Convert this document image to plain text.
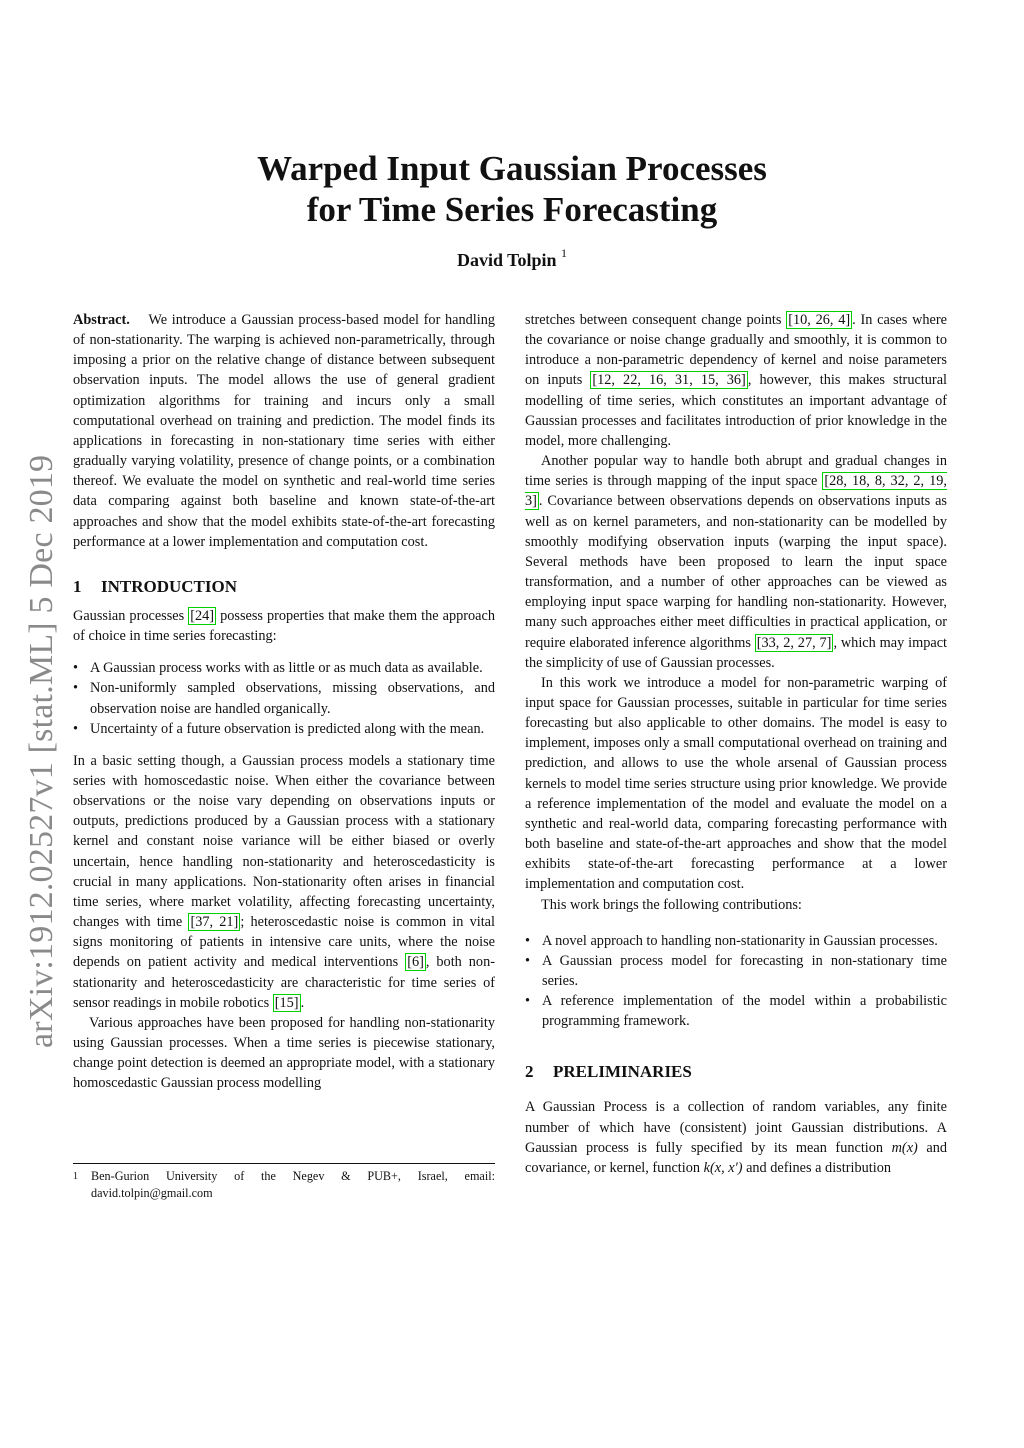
Warped Input Gaussian Processes
for Time Series Forecasting
David Tolpin $^1$
arXiv:1912.02527v1 [stat.ML] 5 Dec 2019

Abstract. We introduce a Gaussian process-based model for handling of non-stationarity. The warping is achieved non-parametrically, through imposing a prior on the relative change of distance between subsequent observation inputs. The model allows the use of general gradient optimization algorithms for training and incurs only a small computational overhead on training and prediction. The model finds its applications in forecasting in non-stationary time series with either gradually varying volatility, presence of change points, or a combination thereof. We evaluate the model on synthetic and real-world time series data comparing against both baseline and known state-of-the-art approaches and show that the model exhibits state-of-the-art forecasting performance at a lower implementation and computation cost.

1 INTRODUCTION

Gaussian processes [24] possess properties that make them the approach of choice in time series forecasting:

• A Gaussian process works with as little or as much data as available.
• Non-uniformly sampled observations, missing observations, and observation noise are handled organically.
• Uncertainty of a future observation is predicted along with the mean.

In a basic setting though, a Gaussian process models a stationary time series with homoscedastic noise. When either the covariance between observations or the noise vary depending on observations inputs or outputs, predictions produced by a Gaussian process with a stationary kernel and constant noise variance will be either biased or overly uncertain, hence handling non-stationarity and heteroscedasticity is crucial in many applications. Non-stationarity often arises in financial time series, where market volatility, affecting forecasting uncertainty, changes with time [37, 21] ; heteroscedastic noise is common in vital signs monitoring of patients in intensive care units, where the noise depends on patient activity and medical interventions [6] , both non-stationarity and heteroscedasticity are characteristic for time series of sensor readings in mobile robotics [15] .

Various approaches have been proposed for handling non-stationarity using Gaussian processes. When a time series is piecewise stationary, change point detection is deemed an appropriate model, with a stationary homoscedastic Gaussian process modelling

1	Ben-Gurion University of the Negev & PUB+, Israel, email: david.tolpin@gmail.com

stretches between consequent change points [10, 26, 4] . In cases where the covariance or noise change gradually and smoothly, it is common to introduce a non-parametric dependency of kernel and noise parameters on inputs [12, 22, 16, 31, 15, 36] , however, this makes structural modelling of time series, which constitutes an important advantage of Gaussian processes and facilitates introduction of prior knowledge in the model, more challenging.

Another popular way to handle both abrupt and gradual changes in time series is through mapping of the input space [28, 18, 8, 32, 2, 19, 3] . Covariance between observations depends on observations inputs as well as on kernel parameters, and non-stationarity can be modelled by smoothly modifying observation inputs (warping the input space). Several methods have been proposed to learn the input space transformation, and a number of other approaches can be viewed as employing input space warping for handling non-stationarity. However, many such approaches either meet difficulties in practical application, or require elaborated inference algorithms [33, 2, 27, 7] , which may impact the simplicity of use of Gaussian processes.

In this work we introduce a model for non-parametric warping of input space for Gaussian processes, suitable in particular for time series forecasting but also applicable to other domains. The model is easy to implement, imposes only a small computational overhead on training and prediction, and allows to use the whole arsenal of Gaussian process kernels to model time series structure using prior knowledge. We provide a reference implementation of the model and evaluate the model on a synthetic and real-world data, comparing forecasting performance with both baseline and state-of-the-art approaches and show that the model exhibits state-of-the-art forecasting performance at a lower implementation and computation cost.

This work brings the following contributions:

• A novel approach to handling non-stationarity in Gaussian processes.
• A Gaussian process model for forecasting in non-stationary time series.
• A reference implementation of the model within a probabilistic programming framework.
2 PRELIMINARIES

A Gaussian Process is a collection of random variables, any finite number of which have (consistent) joint Gaussian distributions. A Gaussian process is fully specified by its mean function m(x) and covariance, or kernel, function k(x, x′) and defines a distribution
